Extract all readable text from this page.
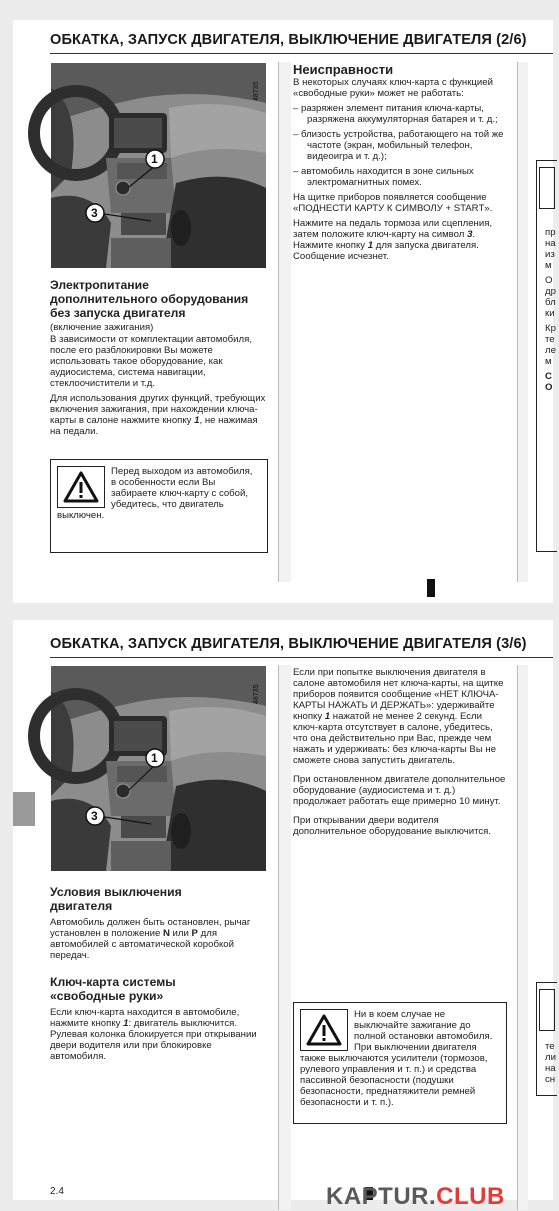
ОБКАТКА, ЗАПУСК ДВИГАТЕЛЯ, ВЫКЛЮЧЕНИЕ ДВИГАТЕЛЯ (2/6)
1
3
48735
Электропитание
дополнительного оборудования
без запуска двигателя

(включение зажигания)

В зависимости от комплектации автомобиля, после его разблокировки Вы можете использовать такое оборудование, как аудиосистема, система навигации, стеклоочистители и т.д.

Для использования других функций, требующих включения зажигания, при нахождении ключа-карты в салоне нажмите кнопку 1, не нажимая на педали.

Перед выходом из автомобиля, в особенности если Вы забираете ключ-карту с собой, убедитесь, что двигатель выключен.
Неисправности

В некоторых случаях ключ-карта с функцией «свободные руки» может не работать:

– разряжен элемент питания ключа-карты, разряжена аккумуляторная батарея и т. д.;

– близость устройства, работающего на той же частоте (экран, мобильный телефон, видеоигра и т. д.);

– автомобиль находится в зоне сильных электромагнитных помех.

На щитке приборов появляется сообщение «ПОДНЕСТИ КАРТУ К СИМВОЛУ + START».

Нажмите на педаль тормоза или сцепления, затем положите ключ-карту на символ 3. Нажмите кнопку 1 для запуска двигателя. Сообщение исчезнет.

пр
на
из
м
О
др
бл
ки
Кр
те
ле
м
С
О
ОБКАТКА, ЗАПУСК ДВИГАТЕЛЯ, ВЫКЛЮЧЕНИЕ ДВИГАТЕЛЯ (3/6)
1
3
48735
Условия выключения
двигателя

Автомобиль должен быть остановлен, рычаг установлен в положение N или P для автомобилей с автоматической коробкой передач.

Ключ-карта системы
«свободные руки»

Если ключ-карта находится в автомобиле, нажмите кнопку 1: двигатель выключится. Рулевая колонка блокируется при открывании двери водителя или при блокировке автомобиля.

2.4

Если при попытке выключения двигателя в салоне автомобиля нет ключа-карты, на щитке приборов появится сообщение «НЕТ КЛЮЧА-КАРТЫ НАЖАТЬ И ДЕРЖАТЬ»: удерживайте кнопку 1 нажатой не менее 2 секунд. Если ключ-карта отсутствует в салоне, убедитесь, что она действительно при Вас, прежде чем нажать и удерживать: без ключа-карты Вы не сможете снова запустить двигатель.

При остановленном двигателе дополнительное оборудование (аудиосистема и т. д.) продолжает работать еще примерно 10 минут.

При открывании двери водителя дополнительное оборудование выключится.

Ни в коем случае не выключайте зажигание до полной остановки автомобиля. При выключении двигателя также выключаются усилители (тормозов, рулевого управления и т. п.) и средства пассивной безопасности (подушки безопасности, преднатяжители ремней безопасности и т. п.).
те
ли
на
сн
KAPTUR.CLUB
